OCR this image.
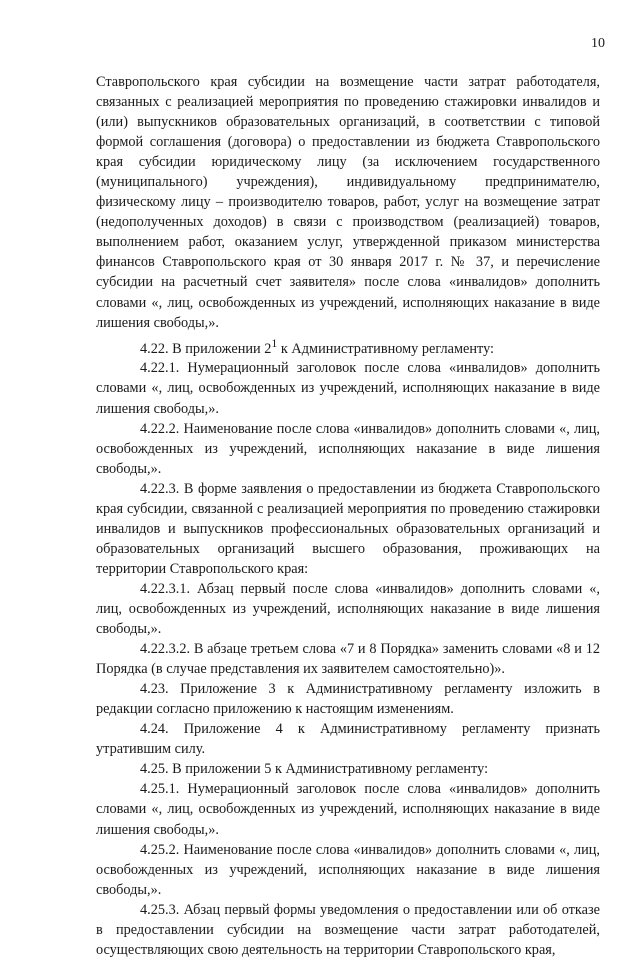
10

Ставропольского края субсидии на возмещение части затрат работодателя, связанных с реализацией мероприятия по проведению стажировки инвалидов и (или) выпускников образовательных организаций, в соответствии с типовой формой соглашения (договора) о предоставлении из бюджета Ставропольского края субсидии юридическому лицу (за исключением государственного (муниципального) учреждения), индивидуальному предпринимателю, физическому лицу – производителю товаров, работ, услуг на возмещение затрат (недополученных доходов) в связи с производством (реализацией) товаров, выполнением работ, оказанием услуг, утвержденной приказом министерства финансов Ставропольского края от 30 января 2017 г. № 37, и перечисление субсидии на расчетный счет заявителя» после слова «инвалидов» дополнить словами «, лиц, освобожденных из учреждений, исполняющих наказание в виде лишения свободы,».

4.22. В приложении $2^1$ к Административному регламенту:

4.22.1. Нумерационный заголовок после слова «инвалидов» дополнить словами «, лиц, освобожденных из учреждений, исполняющих наказание в виде лишения свободы,».

4.22.2. Наименование после слова «инвалидов» дополнить словами «, лиц, освобожденных из учреждений, исполняющих наказание в виде лишения свободы,».

4.22.3. В форме заявления о предоставлении из бюджета Ставропольского края субсидии, связанной с реализацией мероприятия по проведению стажировки инвалидов и выпускников профессиональных образовательных организаций и образовательных организаций высшего образования, проживающих на территории Ставропольского края:

4.22.3.1. Абзац первый после слова «инвалидов» дополнить словами «, лиц, освобожденных из учреждений, исполняющих наказание в виде лишения свободы,».

4.22.3.2. В абзаце третьем слова «7 и 8 Порядка» заменить словами «8 и 12 Порядка (в случае представления их заявителем самостоятельно)».

4.23. Приложение 3 к Административному регламенту изложить в редакции согласно приложению к настоящим изменениям.

4.24. Приложение 4 к Административному регламенту признать утратившим силу.

4.25. В приложении 5 к Административному регламенту:

4.25.1. Нумерационный заголовок после слова «инвалидов» дополнить словами «, лиц, освобожденных из учреждений, исполняющих наказание в виде лишения свободы,».

4.25.2. Наименование после слова «инвалидов» дополнить словами «, лиц, освобожденных из учреждений, исполняющих наказание в виде лишения свободы,».

4.25.3. Абзац первый формы уведомления о предоставлении или об отказе в предоставлении субсидии на возмещение части затрат работодателей, осуществляющих свою деятельность на территории Ставропольского края,
